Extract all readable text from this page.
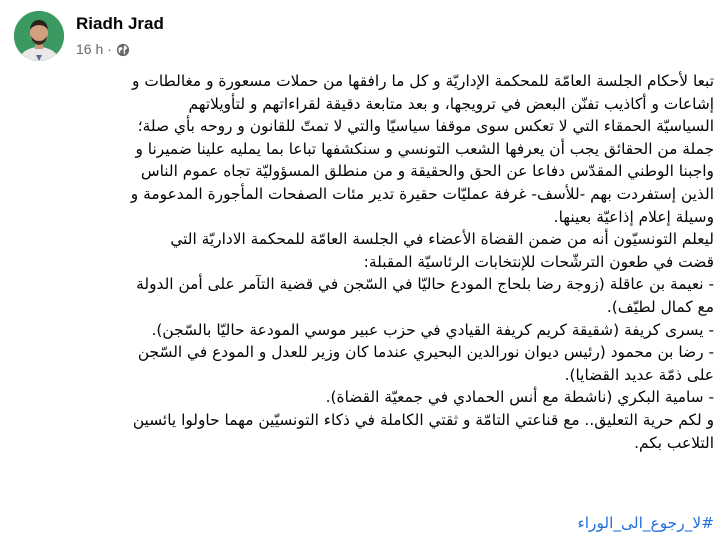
Riadh Jrad
16 h ·
تبعا لأحكام الجلسة العامّة للمحكمة الإداريّة و كل ما رافقها من حملات مسعورة و مغالطات و
إشاعات و أكاذيب تفنّن البعض في ترويجها، و بعد متابعة دقيقة لقراءاتهم و لتأويلاتهم
السياسيّة الحمقاء التي لا تعكس سوى موقفا سياسيّا والتي لا تمتّ للقانون و روحه بأي صلة؛
جملة من الحقائق يجب أن يعرفها الشعب التونسي و سنكشفها تباعا بما يمليه علينا ضميرنا و
واجبنا الوطني المقدّس دفاعا عن الحق والحقيقة و من منطلق المسؤوليّة تجاه عموم الناس
الذين إستفردت بهم -للأسف- غرفة عمليّات حقيرة تدير مئات الصفحات المأجورة المدعومة و
وسيلة إعلام إذاعيّة بعينها.
ليعلم التونسيّون أنه من ضمن القضاة الأعضاء في الجلسة العامّة للمحكمة الاداريّة التي
قضت في طعون الترشّحات للإنتخابات الرئاسيّة المقبلة:
- نعيمة بن عاقلة (زوجة رضا بلحاج المودع حاليّا في السّجن في قضية التآمر على أمن الدولة
مع كمال لطيّف).
- يسرى كريفة (شقيقة كريم كريفة القيادي في حزب عبير موسي المودعة حاليّا بالسّجن).
- رضا بن محمود (رئيس ديوان نورالدين البحيري عندما كان وزير للعدل و المودع في السّجن
على ذمّة عديد القضايا).
- سامية البكري (ناشطة مع أنس الحمادي في جمعيّة القضاة).
و لكم حرية التعليق.. مع قناعتي التامّة و ثقتي الكاملة في ذكاء التونسيّين مهما حاولوا يائسين
التلاعب بكم.
#لا_رجوع_الى_الوراء
